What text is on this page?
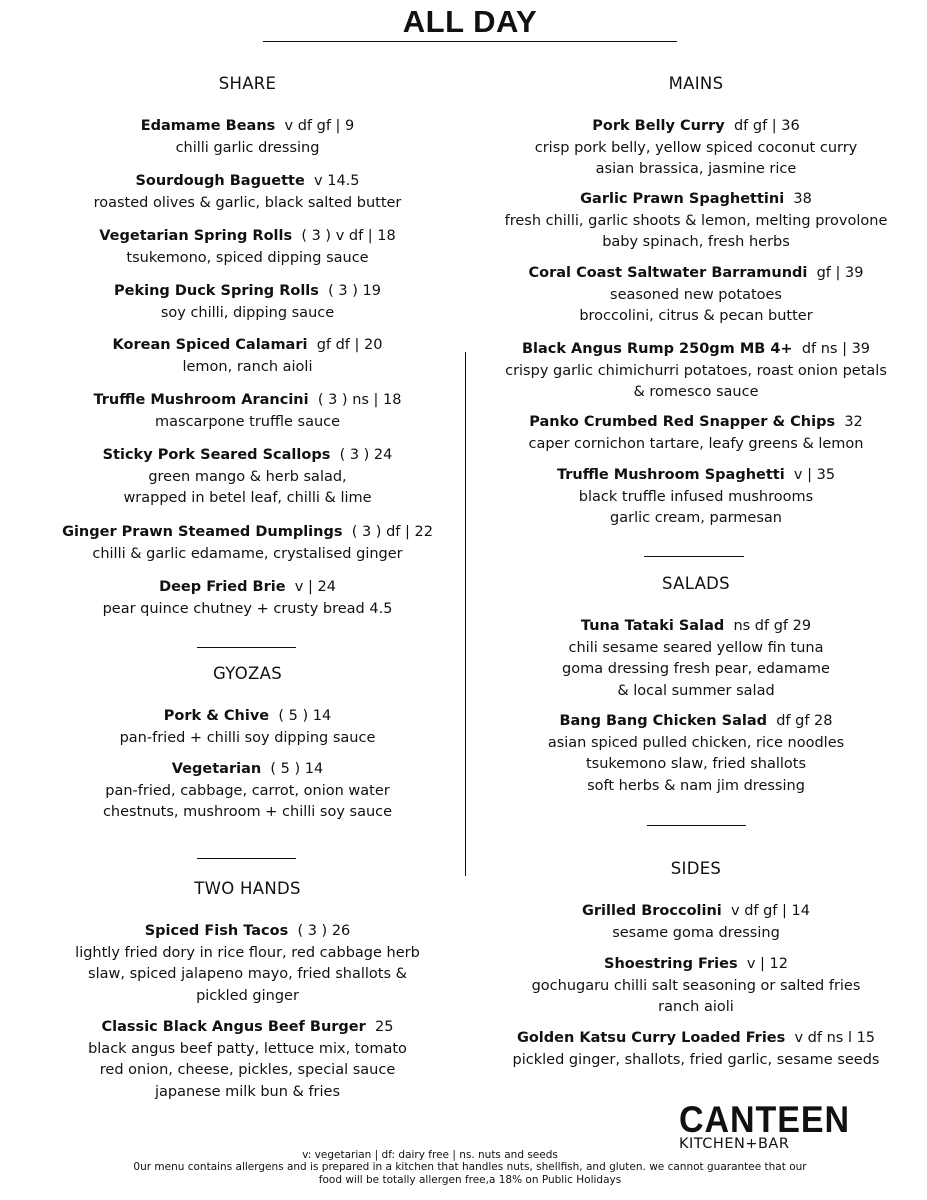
ALL DAY
SHARE
Edamame Beans v df gf | 9
chilli garlic dressing
Sourdough Baguette v 14.5
roasted olives & garlic, black salted butter
Vegetarian Spring Rolls ( 3 ) v df | 18
tsukemono, spiced dipping sauce
Peking Duck Spring Rolls ( 3 ) 19
soy chilli, dipping sauce
Korean Spiced Calamari gf df | 20
lemon, ranch aioli
Truffle Mushroom Arancini ( 3 ) ns | 18
mascarpone truffle sauce
Sticky Pork Seared Scallops ( 3 ) 24
green mango & herb salad,
wrapped in betel leaf, chilli & lime
Ginger Prawn Steamed Dumplings ( 3 ) df | 22
chilli & garlic edamame, crystalised ginger
Deep Fried Brie v | 24
pear quince chutney + crusty bread 4.5
GYOZAS
Pork & Chive ( 5 ) 14
pan-fried + chilli soy dipping sauce
Vegetarian ( 5 ) 14
pan-fried, cabbage, carrot, onion water
chestnuts, mushroom + chilli soy sauce
TWO HANDS
Spiced Fish Tacos ( 3 ) 26
lightly fried dory in rice flour, red cabbage herb
slaw, spiced jalapeno mayo, fried shallots &
pickled ginger
Classic Black Angus Beef Burger 25
black angus beef patty, lettuce mix, tomato
red onion, cheese, pickles, special sauce
japanese milk bun & fries
MAINS
Pork Belly Curry df gf | 36
crisp pork belly, yellow spiced coconut curry
asian brassica, jasmine rice
Garlic Prawn Spaghettini 38
fresh chilli, garlic shoots & lemon, melting provolone
baby spinach, fresh herbs
Coral Coast Saltwater Barramundi gf | 39
seasoned new potatoes
broccolini, citrus & pecan butter
Black Angus Rump 250gm MB 4+ df ns | 39
crispy garlic chimichurri potatoes, roast onion petals
& romesco sauce
Panko Crumbed Red Snapper & Chips 32
caper cornichon tartare, leafy greens & lemon
Truffle Mushroom Spaghetti v | 35
black truffle infused mushrooms
garlic cream, parmesan
SALADS
Tuna Tataki Salad ns df gf 29
chili sesame seared yellow fin tuna
goma dressing fresh pear, edamame
& local summer salad
Bang Bang Chicken Salad df gf 28
asian spiced pulled chicken, rice noodles
tsukemono slaw, fried shallots
soft herbs & nam jim dressing
SIDES
Grilled Broccolini v df gf | 14
sesame goma dressing
Shoestring Fries v | 12
gochugaru chilli salt seasoning or salted fries
ranch aioli
Golden Katsu Curry Loaded Fries v df ns l 15
pickled ginger, shallots, fried garlic, sesame seeds
CANTEEN
KITCHEN+BAR
v: vegetarian | df: dairy free | ns. nuts and seeds
0ur menu contains allergens and is prepared in a kitchen that handles nuts, shellfish, and gluten. we cannot guarantee that our
food will be totally allergen free,a 18% on Public Holidays
